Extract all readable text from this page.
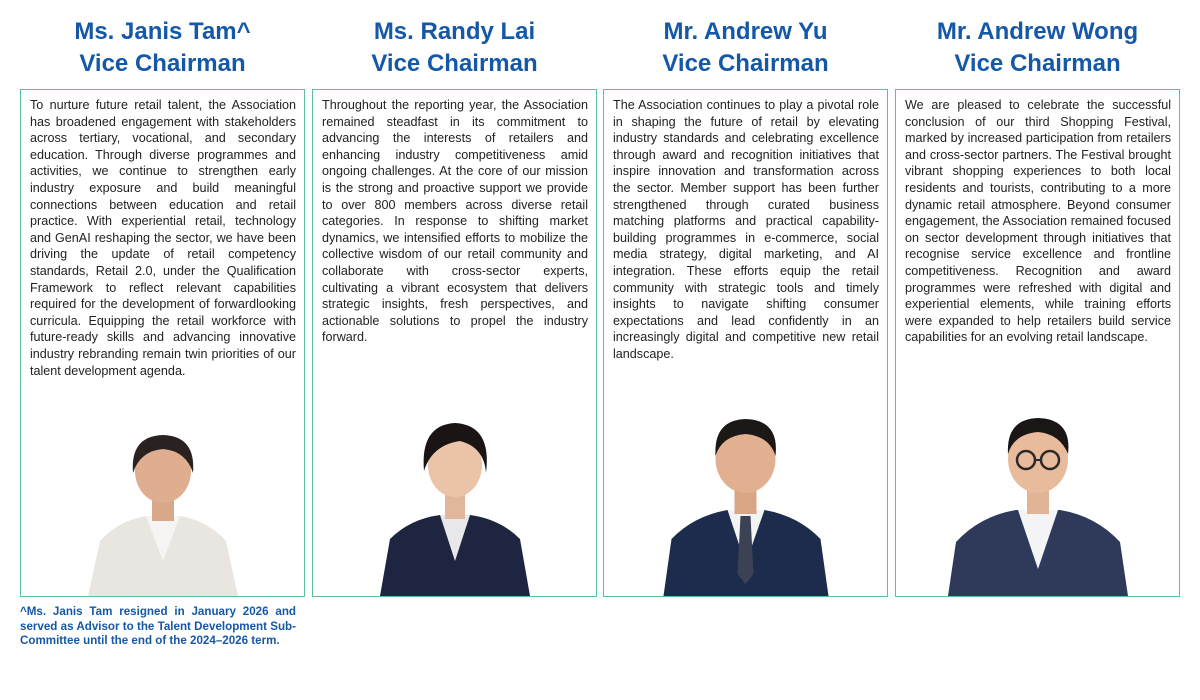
Ms. Janis Tam^
Vice Chairman

To nurture future retail talent, the Association has broadened engagement with stakeholders across tertiary, vocational, and secondary education. Through diverse programmes and activities, we continue to strengthen early industry exposure and build meaningful connections between education and retail practice. With experiential retail, technology and GenAI reshaping the sector, we have been driving the update of retail competency standards, Retail 2.0, under the Qualification Framework to reflect relevant capabilities required for the development of forwardlooking curricula. Equipping the retail workforce with future-ready skills and advancing innovative industry rebranding remain twin priorities of our talent development agenda.

Ms. Randy Lai
Vice Chairman

Throughout the reporting year, the Association remained steadfast in its commitment to advancing the interests of retailers and enhancing industry competitiveness amid ongoing challenges. At the core of our mission is the strong and proactive support we provide to over 800 members across diverse retail categories. In response to shifting market dynamics, we intensified efforts to mobilize the collective wisdom of our retail community and collaborate with cross-sector experts, cultivating a vibrant ecosystem that delivers strategic insights, fresh perspectives, and actionable solutions to propel the industry forward.

Mr. Andrew Yu
Vice Chairman

The Association continues to play a pivotal role in shaping the future of retail by elevating industry standards and celebrating excellence through award and recognition initiatives that inspire innovation and transformation across the sector. Member support has been further strengthened through curated business matching platforms and practical capability-building programmes in e-commerce, social media strategy, digital marketing, and AI integration. These efforts equip the retail community with strategic tools and timely insights to navigate shifting consumer expectations and lead confidently in an increasingly digital and competitive new retail landscape.

Mr. Andrew Wong
Vice Chairman

We are pleased to celebrate the successful conclusion of our third Shopping Festival, marked by increased participation from retailers and cross-sector partners. The Festival brought vibrant shopping experiences to both local residents and tourists, contributing to a more dynamic retail atmosphere. Beyond consumer engagement, the Association remained focused on sector development through initiatives that recognise service excellence and frontline competitiveness. Recognition and award programmes were refreshed with digital and experiential elements, while training efforts were expanded to help retailers build service capabilities for an evolving retail landscape.

^Ms. Janis Tam resigned in January 2026 and served as Advisor to the Talent Development Sub-Committee until the end of the 2024–2026 term.
